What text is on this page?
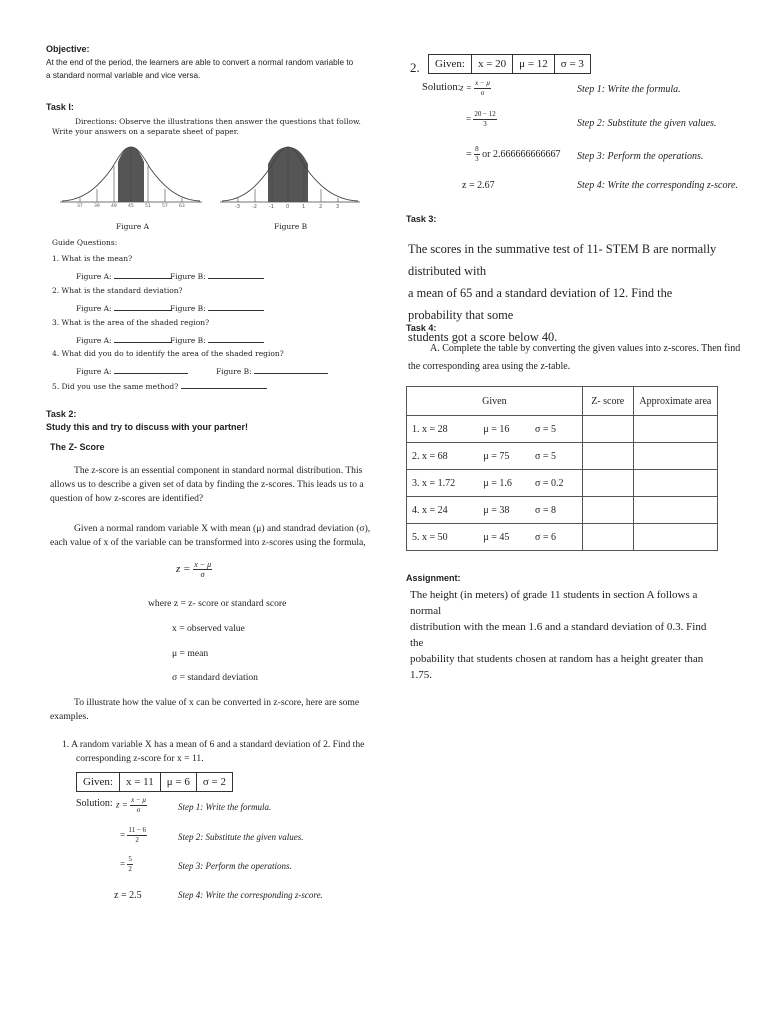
Objective:
At the end of the period, the learners are able to convert a normal random variable to
a standard normal variable and vice versa.
Task I:
Directions: Observe the illustrations then answer the questions that follow.
Write your answers on a separate sheet of paper.
37	39	49	45	51	57	63	-3 -2 -1 0	1	2	3
Figure A	Figure B
Guide Questions:
1. What is the mean?
Figure A:	Figure B:
2. What is the standard deviation?
Figure A:	Figure B:
3. What is the area of the shaded region?
Figure A:	Figure B:
4. What did you do to identify the area of the shaded region?
Figure A:	Figure B:
5. Did you use the same method?
Task 2:
Study this and try to discuss with your partner!
The Z- Score
The z-score is an essential component in standard normal distribution. This
allows us to describe a given set of data by finding the z-scores. This leads us to a
question of how z-scores are identified?
Given a normal random variable X with mean (μ) and standrad deviation (σ),
each value of x of the variable can be transformed into z-scores using the formula,
$z = \frac{x - \mu}{\sigma}$
where z = z- score or standard score
x = observed value
μ = mean
σ = standard deviation
To illustrate how the value of x can be converted in z-score, here are some
examples.
1. A random variable X has a mean of 6 and a standard deviation of 2. Find the
corresponding z-score for x = 11.
Given:	x = 11	μ = 6	σ = 2
Solution: $z = \frac{x - \mu}{\sigma}$	Step 1: Write the formula.
= $\frac{11 - 6}{2}$	Step 2: Substitute the given values.
= $\frac{5}{2}$	Step 3: Perform the operations.
z = 2.5	Step 4: Write the corresponding z-score.
2. Given:	x = 20	μ = 12	σ = 3
Solution: $z = \frac{x - \mu}{\sigma}$	Step 1: Write the formula.
= $\frac{20 - 12}{3}$	Step 2: Substitute the given values.
= $\frac{8}{3}$ or 2.666666666667 Step 3: Perform the operations.
z = 2.67	Step 4: Write the corresponding z-score.
Task 3:
The scores in the summative test of 11- STEM B are normally distributed with
a mean of 65 and a standard deviation of 12. Find the probability that some
students got a score below 40.
Task 4:
A. Complete the table by converting the given values into z-scores. Then find
the corresponding area using the z-table.
Given			Z- score	Approximate area
1. x = 28	μ = 16	σ = 5		
2. x = 68	μ = 75	σ = 5		
3. x = 1.72	μ = 1.6	σ = 0.2		
4. x = 24	μ = 38	σ = 8		
5. x = 50	μ = 45	σ = 6		
Assignment:
The height (in meters) of grade 11 students in section A follows a normal
distribution with the mean 1.6 and a standard deviation of 0.3. Find the
pobability that students chosen at random has a height greater than 1.75.
